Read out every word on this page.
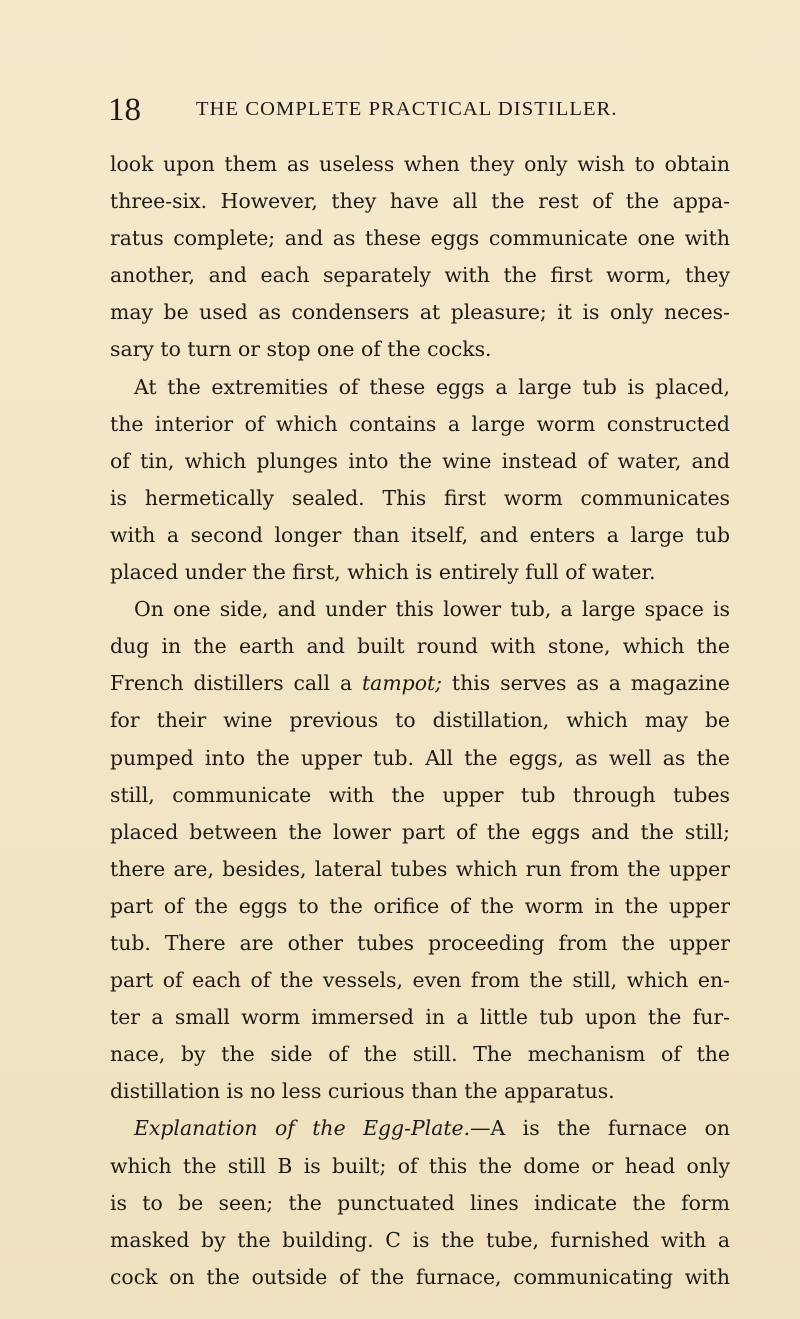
18	THE COMPLETE PRACTICAL DISTILLER.
look upon them as useless when they only wish to obtain
three-six. However, they have all the rest of the appa-
ratus complete; and as these eggs communicate one with
another, and each separately with the first worm, they
may be used as condensers at pleasure; it is only neces-
sary to turn or stop one of the cocks.
At the extremities of these eggs a large tub is placed,
the interior of which contains a large worm constructed
of tin, which plunges into the wine instead of water, and
is hermetically sealed. This first worm communicates
with a second longer than itself, and enters a large tub
placed under the first, which is entirely full of water.
On one side, and under this lower tub, a large space is
dug in the earth and built round with stone, which the
French distillers call a tampot; this serves as a magazine
for their wine previous to distillation, which may be
pumped into the upper tub. All the eggs, as well as the
still, communicate with the upper tub through tubes
placed between the lower part of the eggs and the still;
there are, besides, lateral tubes which run from the upper
part of the eggs to the orifice of the worm in the upper
tub. There are other tubes proceeding from the upper
part of each of the vessels, even from the still, which en-
ter a small worm immersed in a little tub upon the fur-
nace, by the side of the still. The mechanism of the
distillation is no less curious than the apparatus.
Explanation of the Egg-Plate.—A is the furnace on
which the still B is built; of this the dome or head only
is to be seen; the punctuated lines indicate the form
masked by the building. C is the tube, furnished with a
cock on the outside of the furnace, communicating with
